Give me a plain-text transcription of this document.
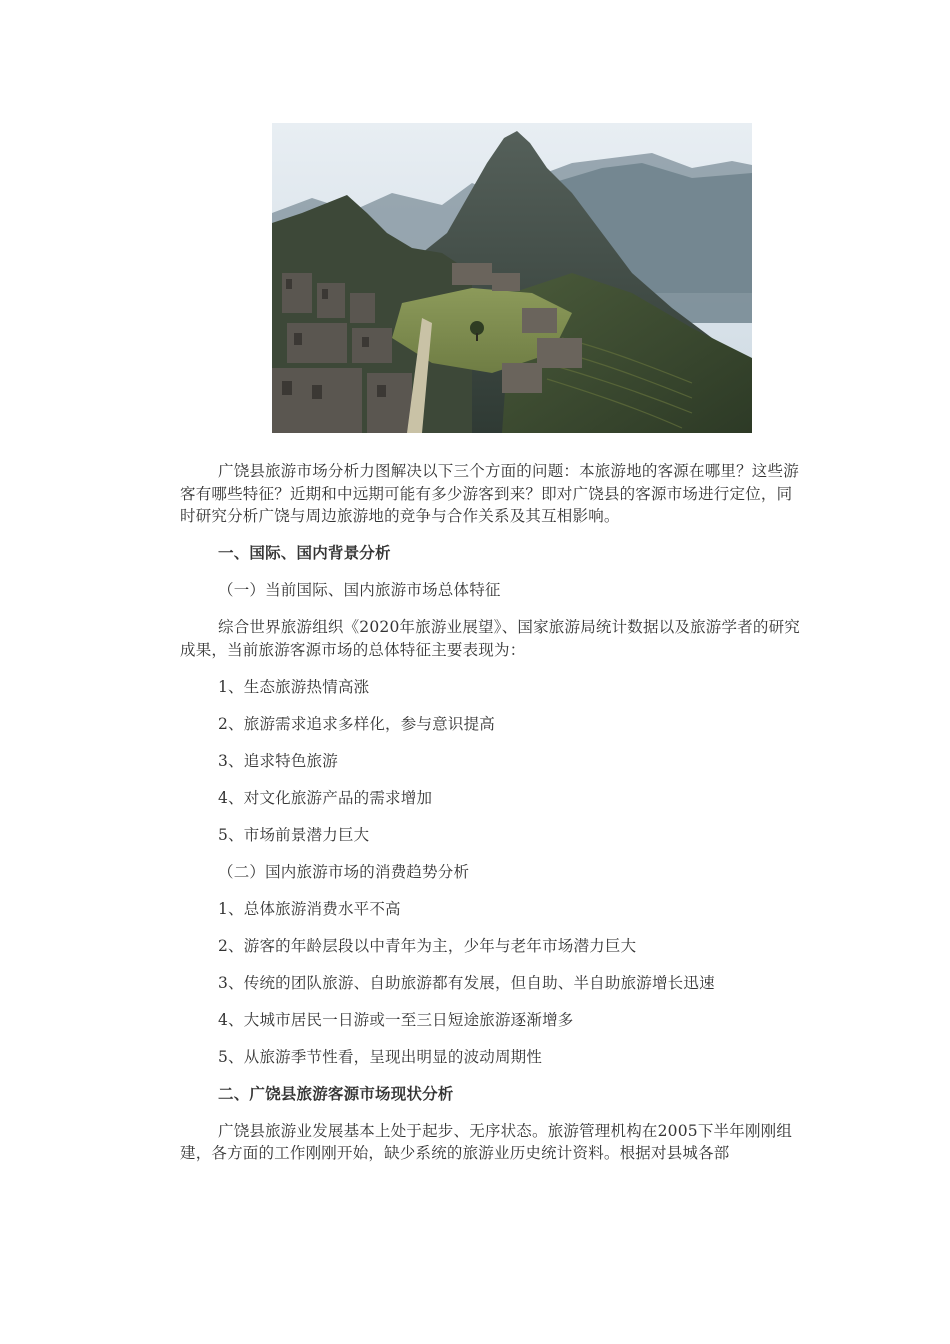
广饶县旅游市场分析力图解决以下三个方面的问题：本旅游地的客源在哪里？这些游客有哪些特征？近期和中远期可能有多少游客到来？即对广饶县的客源市场进行定位，同时研究分析广饶与周边旅游地的竞争与合作关系及其互相影响。

一、国际、国内背景分析

（一）当前国际、国内旅游市场总体特征

综合世界旅游组织《2020年旅游业展望》、国家旅游局统计数据以及旅游学者的研究成果，当前旅游客源市场的总体特征主要表现为：

1、生态旅游热情高涨

2、旅游需求追求多样化，参与意识提高

3、追求特色旅游

4、对文化旅游产品的需求增加

5、市场前景潜力巨大

（二）国内旅游市场的消费趋势分析

1、总体旅游消费水平不高

2、游客的年龄层段以中青年为主，少年与老年市场潜力巨大

3、传统的团队旅游、自助旅游都有发展，但自助、半自助旅游增长迅速

4、大城市居民一日游或一至三日短途旅游逐渐增多

5、从旅游季节性看，呈现出明显的波动周期性

二、广饶县旅游客源市场现状分析

广饶县旅游业发展基本上处于起步、无序状态。旅游管理机构在2005下半年刚刚组建，各方面的工作刚刚开始，缺少系统的旅游业历史统计资料。根据对县城各部
